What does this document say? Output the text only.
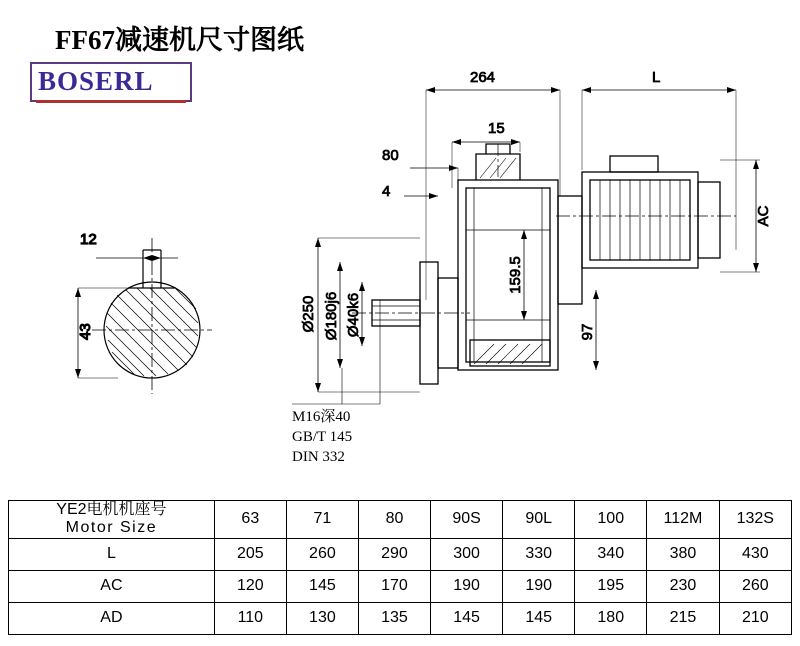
FF67减速机尺寸图纸
BOSERL
12
43
264	L
15
80
4
AC
159.5
97
Ø250 Ø180j6 Ø40k6
M16深40
GB/T 145
DIN 332
YE2电机机座号
Motor Size	63	71	80	90S	90L	100	112M	132S
L	205	260	290	300	330	340	380	430
AC	120	145	170	190	190	195	230	260
AD	110	130	135	145	145	180	215	210
